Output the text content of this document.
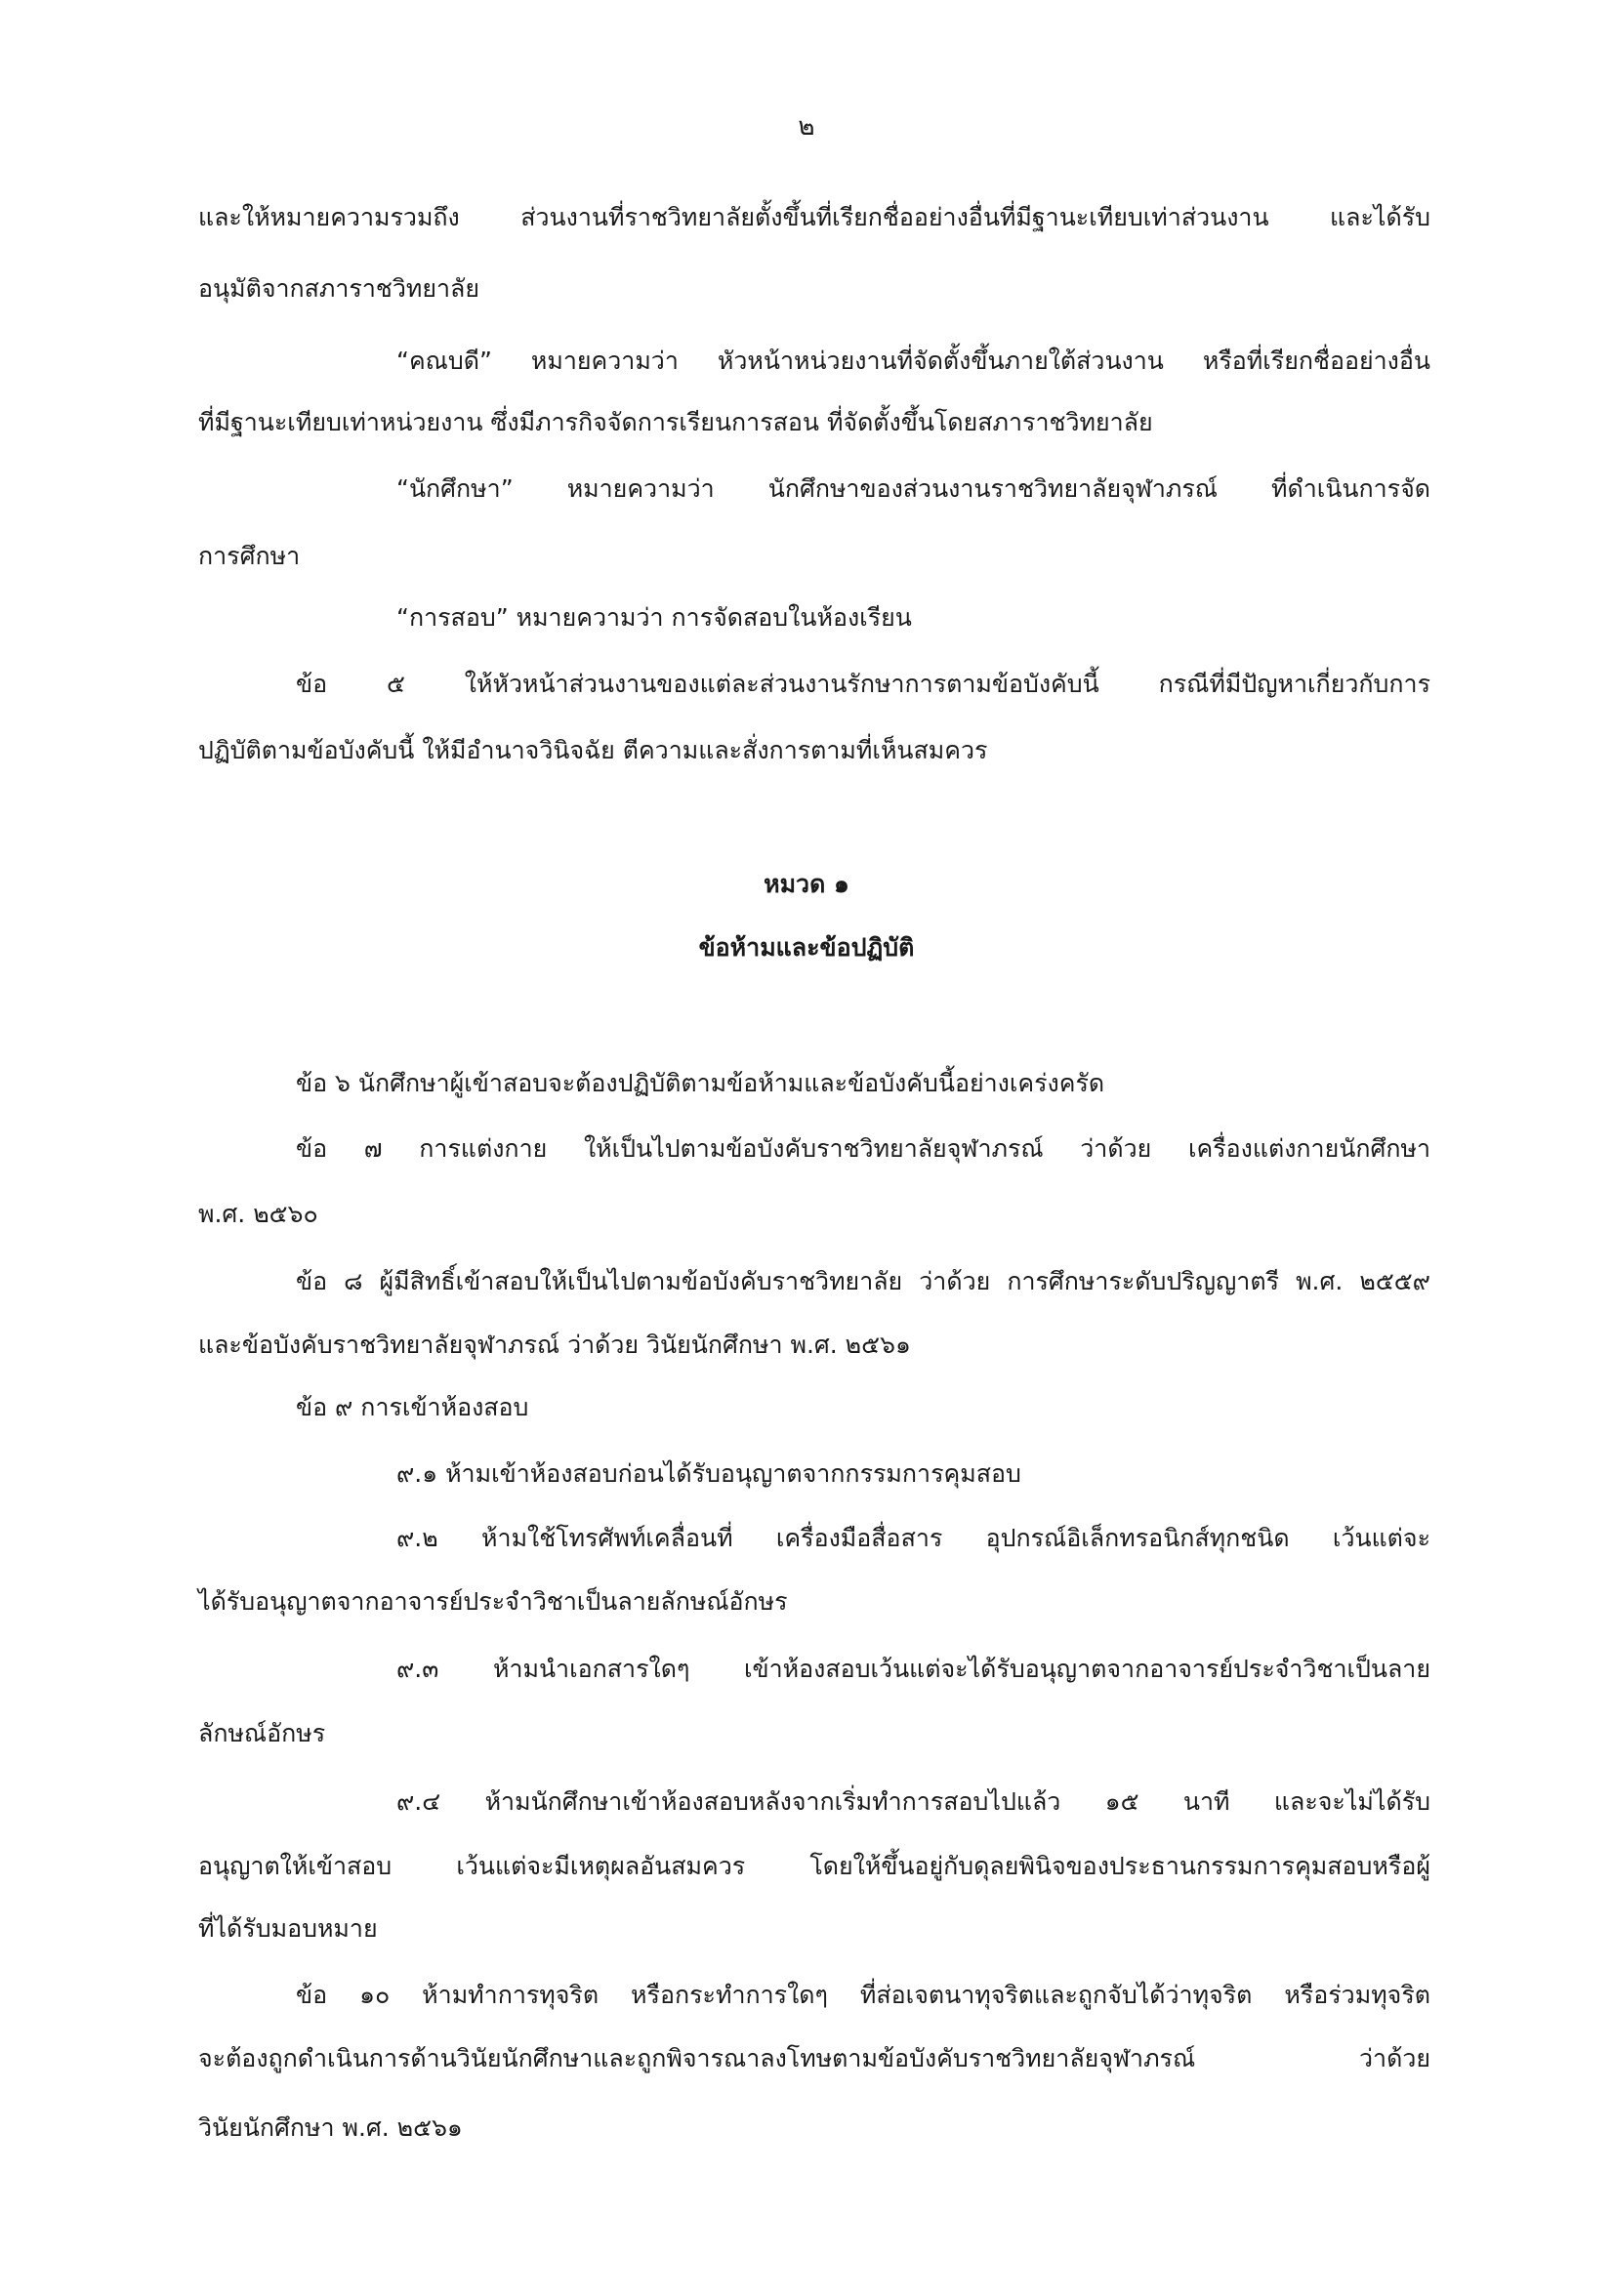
๒
และให้หมายความรวมถึง ส่วนงานที่ราชวิทยาลัยตั้งขึ้นที่เรียกชื่ออย่างอื่นที่มีฐานะเทียบเท่าส่วนงาน และได้รับ
อนุมัติจากสภาราชวิทยาลัย
“คณบดี” หมายความว่า หัวหน้าหน่วยงานที่จัดตั้งขึ้นภายใต้ส่วนงาน หรือที่เรียกชื่ออย่างอื่น
ที่มีฐานะเทียบเท่าหน่วยงาน ซึ่งมีภารกิจจัดการเรียนการสอน ที่จัดตั้งขึ้นโดยสภาราชวิทยาลัย
“นักศึกษา” หมายความว่า นักศึกษาของส่วนงานราชวิทยาลัยจุฬาภรณ์ ที่ดำเนินการจัด
การศึกษา
“การสอบ” หมายความว่า การจัดสอบในห้องเรียน
ข้อ ๕ ให้หัวหน้าส่วนงานของแต่ละส่วนงานรักษาการตามข้อบังคับนี้ กรณีที่มีปัญหาเกี่ยวกับการ
ปฏิบัติตามข้อบังคับนี้ ให้มีอำนาจวินิจฉัย ตีความและสั่งการตามที่เห็นสมควร
หมวด ๑
ข้อห้ามและข้อปฏิบัติ
ข้อ ๖ นักศึกษาผู้เข้าสอบจะต้องปฏิบัติตามข้อห้ามและข้อบังคับนี้อย่างเคร่งครัด
ข้อ ๗ การแต่งกาย ให้เป็นไปตามข้อบังคับราชวิทยาลัยจุฬาภรณ์ ว่าด้วย เครื่องแต่งกายนักศึกษา
พ.ศ. ๒๕๖๐
ข้อ ๘ ผู้มีสิทธิ์เข้าสอบให้เป็นไปตามข้อบังคับราชวิทยาลัย ว่าด้วย การศึกษาระดับปริญญาตรี พ.ศ. ๒๕๕๙
และข้อบังคับราชวิทยาลัยจุฬาภรณ์ ว่าด้วย วินัยนักศึกษา พ.ศ. ๒๕๖๑
ข้อ ๙ การเข้าห้องสอบ
๙.๑ ห้ามเข้าห้องสอบก่อนได้รับอนุญาตจากกรรมการคุมสอบ
๙.๒ ห้ามใช้โทรศัพท์เคลื่อนที่ เครื่องมือสื่อสาร อุปกรณ์อิเล็กทรอนิกส์ทุกชนิด เว้นแต่จะ
ได้รับอนุญาตจากอาจารย์ประจำวิชาเป็นลายลักษณ์อักษร
๙.๓ ห้ามนำเอกสารใดๆ เข้าห้องสอบเว้นแต่จะได้รับอนุญาตจากอาจารย์ประจำวิชาเป็นลาย
ลักษณ์อักษร
๙.๔ ห้ามนักศึกษาเข้าห้องสอบหลังจากเริ่มทำการสอบไปแล้ว ๑๕ นาที และจะไม่ได้รับ
อนุญาตให้เข้าสอบ เว้นแต่จะมีเหตุผลอันสมควร โดยให้ขึ้นอยู่กับดุลยพินิจของประธานกรรมการคุมสอบหรือผู้
ที่ได้รับมอบหมาย
ข้อ ๑๐ ห้ามทำการทุจริต หรือกระทำการใดๆ ที่ส่อเจตนาทุจริตและถูกจับได้ว่าทุจริต หรือร่วมทุจริต
จะต้องถูกดำเนินการด้านวินัยนักศึกษาและถูกพิจารณาลงโทษตามข้อบังคับราชวิทยาลัยจุฬาภรณ์ ว่าด้วย
วินัยนักศึกษา พ.ศ. ๒๕๖๑
